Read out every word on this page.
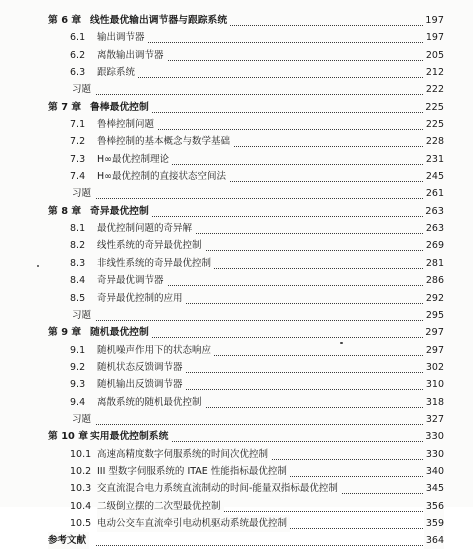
第 6 章 线性最优输出调节器与跟踪系统	197
6.1 输出调节器	197
6.2 离散输出调节器	205
6.3 跟踪系统	212
习题	222
第 7 章 鲁棒最优控制	225
7.1 鲁棒控制问题	225
7.2 鲁棒控制的基本概念与数学基础	228
7.3 H∞最优控制理论	231
7.4 H∞最优控制的直接状态空间法	245
习题	261
第 8 章 奇异最优控制	263
8.1 最优控制问题的奇异解	263
8.2 线性系统的奇异最优控制	269
8.3 非线性系统的奇异最优控制	281
8.4 奇异最优调节器	286
8.5 奇异最优控制的应用	292
习题	295
第 9 章 随机最优控制	297
9.1 随机噪声作用下的状态响应	297
9.2 随机状态反馈调节器	302
9.3 随机输出反馈调节器	310
9.4 离散系统的随机最优控制	318
习题	327
第 10 章 实用最优控制系统	330
10.1 高速高精度数字伺服系统的时间次优控制	330
10.2 III 型数字伺服系统的 ITAE 性能指标最优控制	340
10.3 交直流混合电力系统直流制动的时间-能量双指标最优控制	345
10.4 二级倒立摆的二次型最优控制	356
10.5 电动公交车直流牵引电动机驱动系统最优控制	359
参考文献	364
